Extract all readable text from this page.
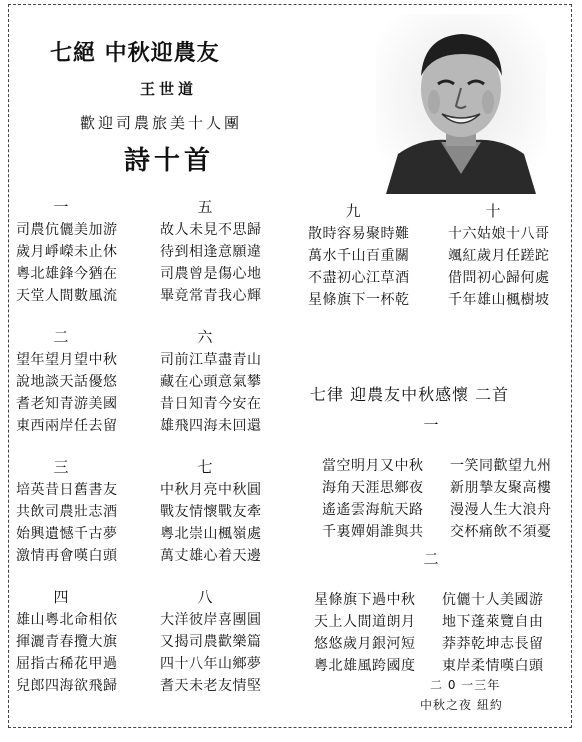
七絕 中秋迎農友
王世道
歡迎司農旅美十人團
詩十首
一
司農伉儷美加游
歲月崢嶸未止休
粵北雄鋒今猶在
天堂人間數風流
二
望年望月望中秋
說地談天話優悠
耆老知青游美國
東西兩岸任去留
三
培英昔日舊書友
共飲司農壯志酒
始興遺憾千古夢
激情再會嘆白頭
四
雄山粵北命相依
揮灑青春攬大旗
屈指古稀花甲過
兒郎四海欲飛歸
五
故人未見不思歸
待到相逢意願違
司農曾是傷心地
畢竟常青我心輝
六
司前江草盡青山
藏在心頭意氣攀
昔日知青今安在
雄飛四海未回還
七
中秋月亮中秋圓
戰友情懷戰友牽
粵北崇山楓嶺處
萬丈雄心着天邊
八
大洋彼岸喜團圓
又揭司農歡樂篇
四十八年山鄉夢
耆天未老友情堅
九
散時容易聚時難
萬水千山百重關
不盡初心江草酒
星條旗下一杯乾
十
十六姑娘十八哥
颯紅歲月任蹉跎
借問初心歸何處
千年雄山楓樹坡
七律 迎農友中秋感懷 二首
一
當空明月又中秋
海角天涯思鄉夜
遙遙雲海航天路
千裏嬋娟誰與共
一笑同歡望九州
新朋摯友聚高樓
漫漫人生大浪舟
交杯痛飲不須憂
二
星條旗下過中秋
天上人間道朗月
悠悠歲月銀河短
粵北雄風跨國度
伉儷十人美國游
地下蓬萊覽自由
莽莽乾坤志長留
東岸柔情嘆白頭
二 0 一三年
中秋之夜 紐約
